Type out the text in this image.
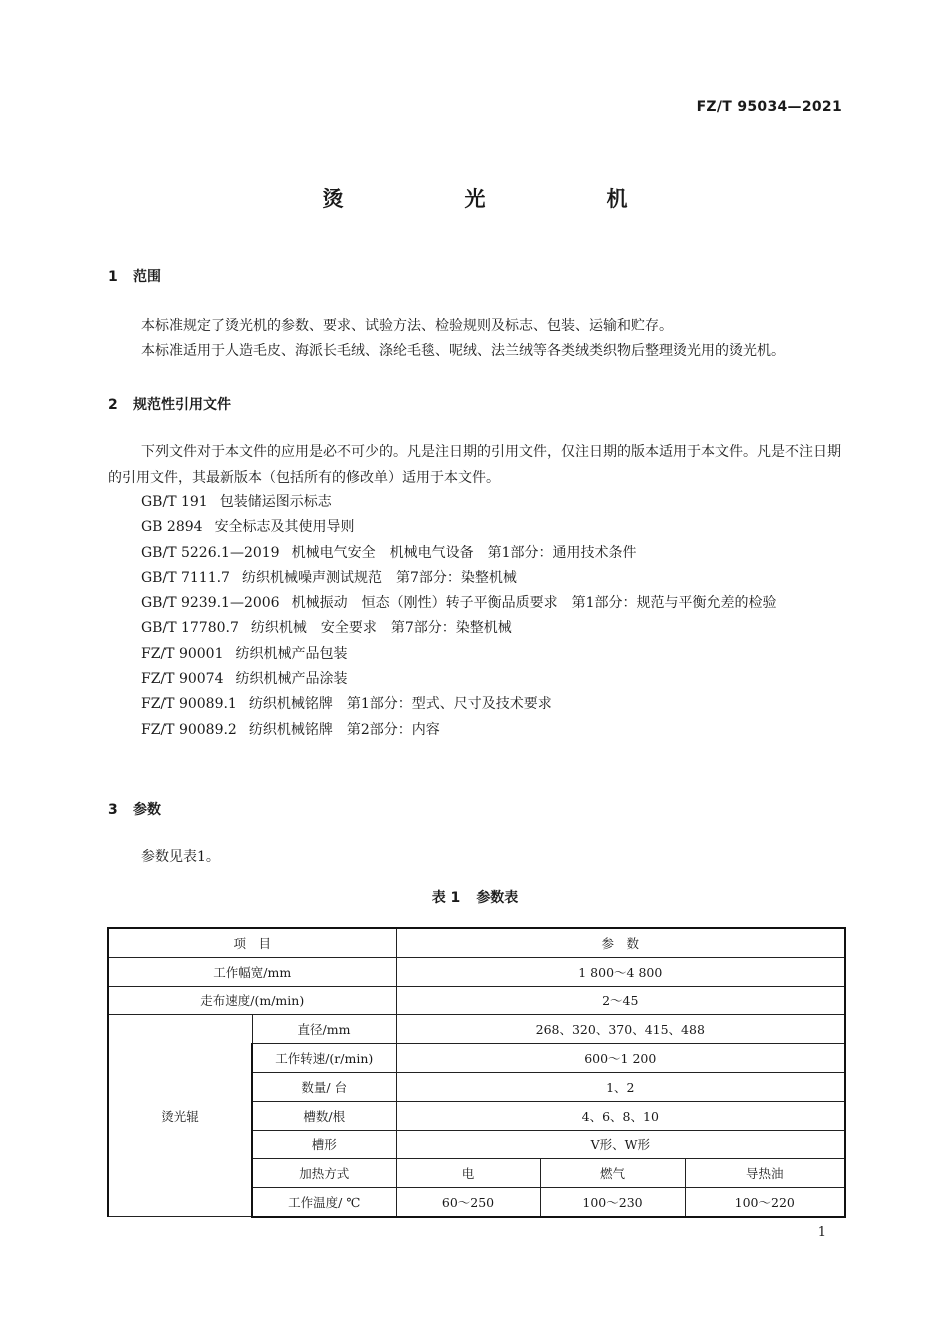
FZ/T 95034—2021
烫　光　机
1 范围
本标准规定了烫光机的参数、要求、试验方法、检验规则及标志、包装、运输和贮存。
本标准适用于人造毛皮、海派长毛绒、涤纶毛毯、呢绒、法兰绒等各类绒类织物后整理烫光用的烫光机。
2 规范性引用文件
下列文件对于本文件的应用是必不可少的。凡是注日期的引用文件，仅注日期的版本适用于本文件。凡是不注日期的引用文件，其最新版本（包括所有的修改单）适用于本文件。
GB/T 191 包装储运图示标志
GB 2894 安全标志及其使用导则
GB/T 5226.1—2019 机械电气安全　机械电气设备　第1部分：通用技术条件
GB/T 7111.7 纺织机械噪声测试规范　第7部分：染整机械
GB/T 9239.1—2006 机械振动　恒态（刚性）转子平衡品质要求　第1部分：规范与平衡允差的检验
GB/T 17780.7 纺织机械　安全要求　第7部分：染整机械
FZ/T 90001 纺织机械产品包装
FZ/T 90074 纺织机械产品涂装
FZ/T 90089.1 纺织机械铭牌　第1部分：型式、尺寸及技术要求
FZ/T 90089.2 纺织机械铭牌　第2部分：内容
3 参数
参数见表1。
表 1 参数表
项　目		参　数		
工作幅宽/mm		1 800～4 800		
走布速度/(m/min)		2～45		
烫光辊	直径/mm	268、320、370、415、488		
	工作转速/(r/min)	600～1 200		
	数量/ 台	1、2		
	槽数/根	4、6、8、10		
	槽形	V形、W形		
	加热方式	电	燃气	导热油
	工作温度/ ℃	60～250	100～230	100～220
1
